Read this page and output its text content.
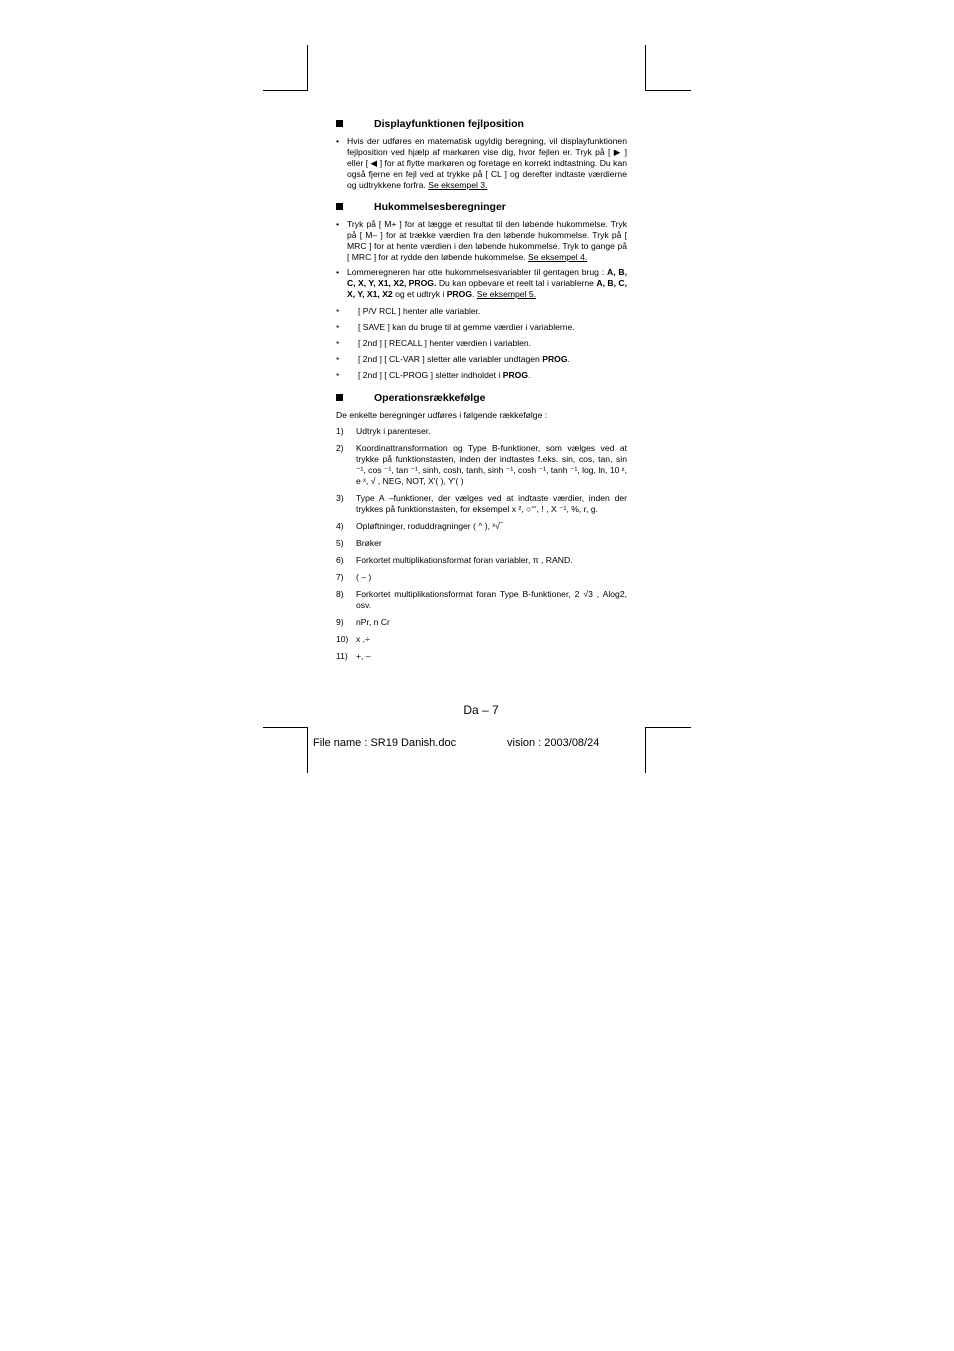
Displayfunktionen fejlposition
• Hvis der udføres en matematisk ugyldig beregning, vil displayfunktionen fejlposition ved hjælp af markøren vise dig, hvor fejlen er. Tryk på [ ▶ ] eller [ ◀ ] for at flytte markøren og foretage en korrekt indtastning. Du kan også fjerne en fejl ved at trykke på [ CL ] og derefter indtaste værdierne og udtrykkene forfra. Se eksempel 3.
Hukommelsesberegninger
• Tryk på [ M+ ] for at lægge et resultat til den løbende hukommelse. Tryk på [ M– ] for at trække værdien fra den løbende hukommelse. Tryk på [ MRC ] for at hente værdien i den løbende hukommelse. Tryk to gange på [ MRC ] for at rydde den løbende hukommelse. Se eksempel 4.
• Lommeregneren har otte hukommelsesvariabler til gentagen brug : A, B, C, X, Y, X1, X2, PROG. Du kan opbevare et reelt tal i variablerne A, B, C, X, Y, X1, X2 og et udtryk i PROG. Se eksempel 5.
* [ P/V RCL ] henter alle variabler.
* [ SAVE ] kan du bruge til at gemme værdier i variablerne.
* [ 2nd ] [ RECALL ] henter værdien i variablen.
* [ 2nd ] [ CL-VAR ] sletter alle variabler undtagen PROG.
* [ 2nd ] [ CL-PROG ] sletter indholdet i PROG.
Operationsrækkefølge
De enkelte beregninger udføres i følgende rækkefølge :
1) Udtryk i parenteser.
2) Koordinattransformation og Type B-funktioner, som vælges ved at trykke på funktionstasten, inden der indtastes f.eks. sin, cos, tan, sin ⁻¹, cos ⁻¹, tan ⁻¹, sinh, cosh, tanh, sinh ⁻¹, cosh ⁻¹, tanh ⁻¹, log, ln, 10 ˣ, e ˣ, √ , NEG, NOT, X'( ), Y'( )
3) Type A –funktioner, der vælges ved at indtaste værdier, inden der trykkes på funktionstasten, for eksempel x ², ○‘‘‘, ! , X ⁻¹, %, r, g.
4) Opløftninger, roduddragninger ( ^ ), ˣ√‾
5) Brøker
6) Forkortet multiplikationsformat foran variabler, π , RAND.
7) ( – )
8) Forkortet multiplikationsformat foran Type B-funktioner, 2 √3 , Alog2, osv.
9) nPr, n Cr
10) x ,÷
11) +, –
Da – 7
File name : SR19 Danish.doc	vision : 2003/08/24
